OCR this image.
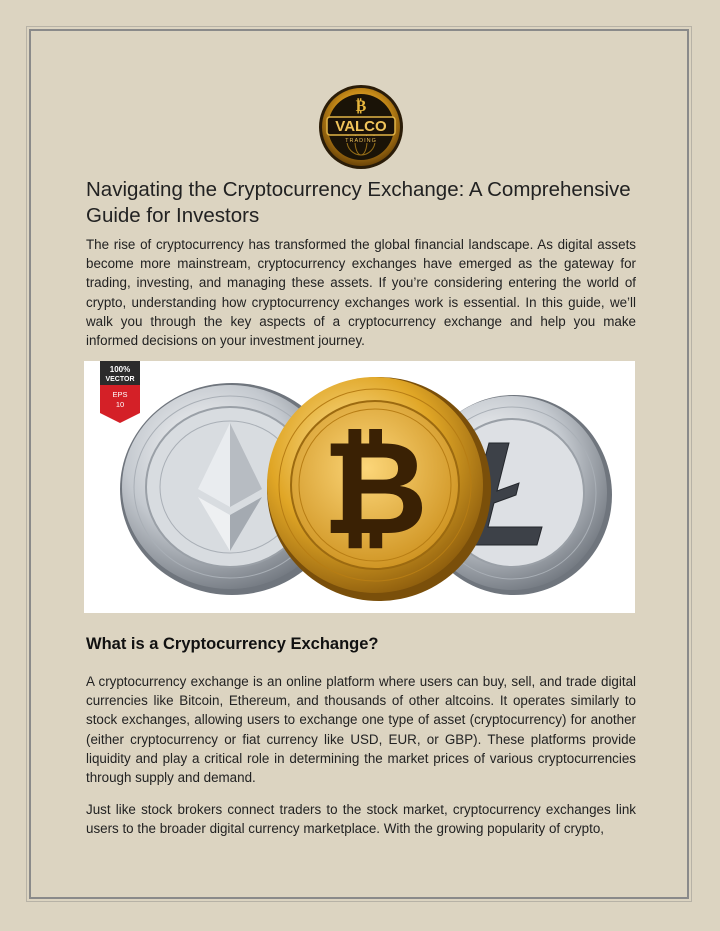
₿
VALCO
TRADING
Navigating the Cryptocurrency Exchange: A Comprehensive Guide for Investors

The rise of cryptocurrency has transformed the global financial landscape. As digital assets become more mainstream, cryptocurrency exchanges have emerged as the gateway for trading, investing, and managing these assets. If you’re considering entering the world of crypto, understanding how cryptocurrency exchanges work is essential. In this guide, we’ll walk you through the key aspects of a cryptocurrency exchange and help you make informed decisions on your investment journey.

100%
VECTOR
EPS
10
₿
What is a Cryptocurrency Exchange?

A cryptocurrency exchange is an online platform where users can buy, sell, and trade digital currencies like Bitcoin, Ethereum, and thousands of other altcoins. It operates similarly to stock exchanges, allowing users to exchange one type of asset (cryptocurrency) for another (either cryptocurrency or fiat currency like USD, EUR, or GBP). These platforms provide liquidity and play a critical role in determining the market prices of various cryptocurrencies through supply and demand.

Just like stock brokers connect traders to the stock market, cryptocurrency exchanges link users to the broader digital currency marketplace. With the growing popularity of crypto,
